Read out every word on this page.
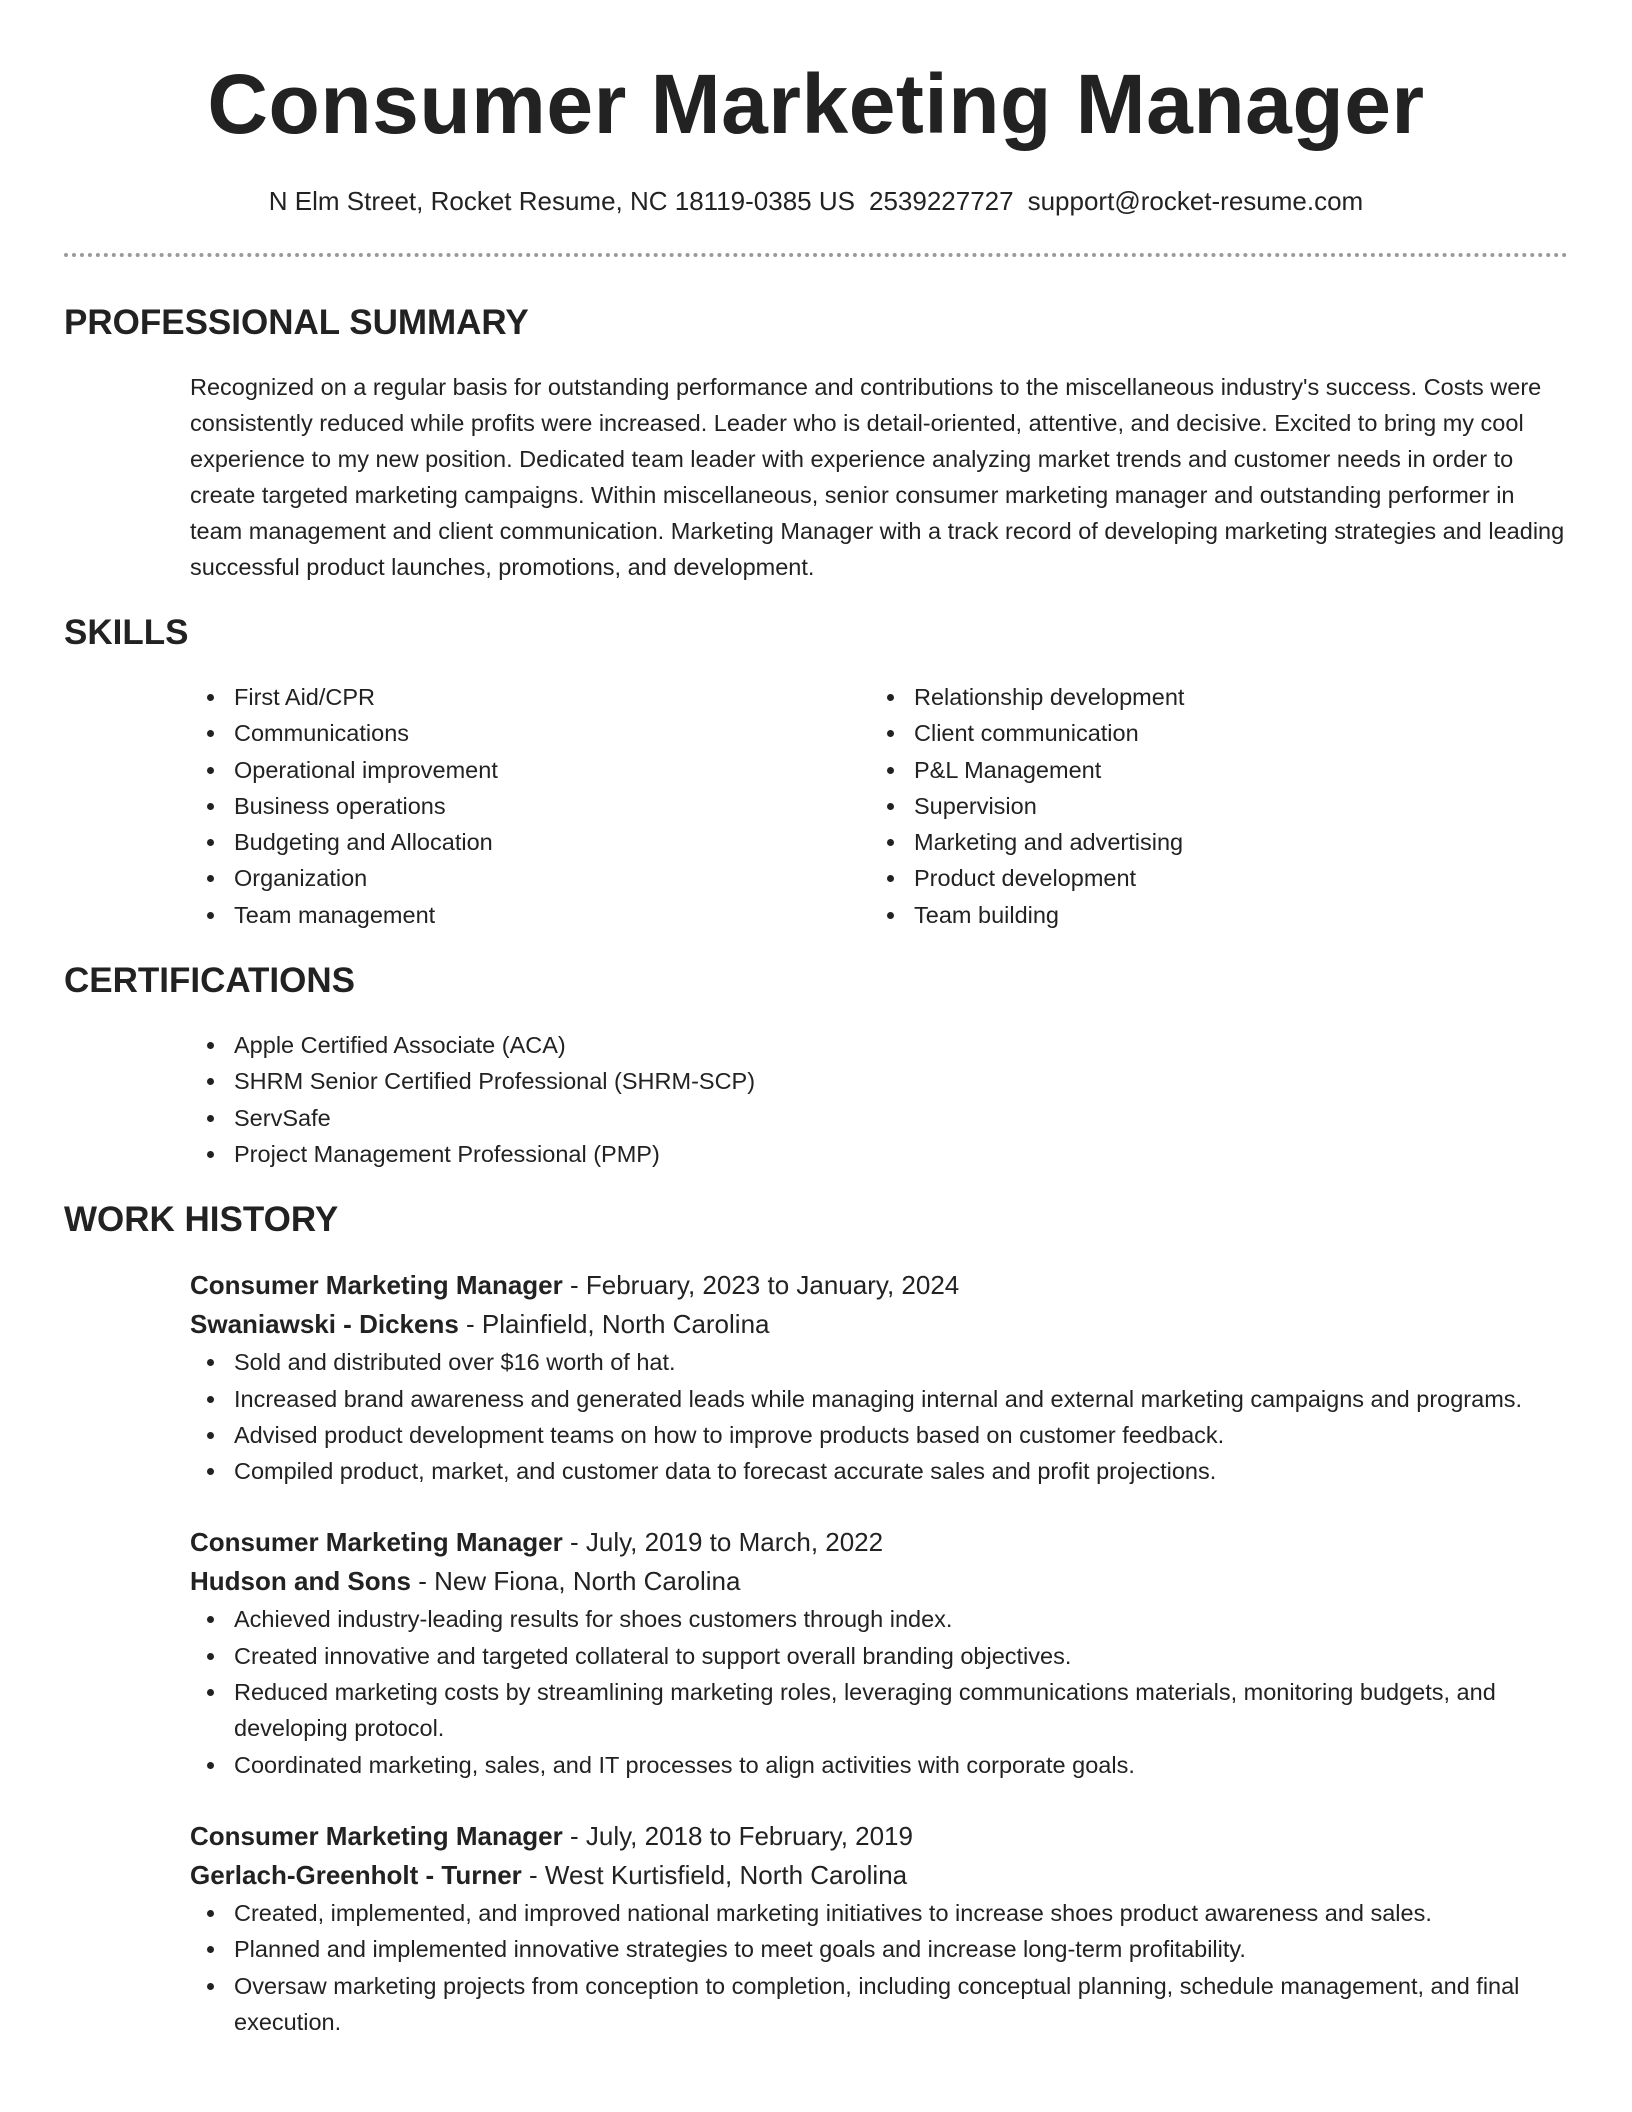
Consumer Marketing Manager
N Elm Street, Rocket Resume, NC 18119-0385 US 2539227727 support@rocket-resume.com
PROFESSIONAL SUMMARY

Recognized on a regular basis for outstanding performance and contributions to the miscellaneous industry's success. Costs were consistently reduced while profits were increased. Leader who is detail-oriented, attentive, and decisive. Excited to bring my cool experience to my new position. Dedicated team leader with experience analyzing market trends and customer needs in order to create targeted marketing campaigns. Within miscellaneous, senior consumer marketing manager and outstanding performer in team management and client communication. Marketing Manager with a track record of developing marketing strategies and leading successful product launches, promotions, and development.

SKILLS
First Aid/CPR
Communications
Operational improvement
Business operations
Budgeting and Allocation
Organization
Team management
Relationship development
Client communication
P&L Management
Supervision
Marketing and advertising
Product development
Team building
CERTIFICATIONS
Apple Certified Associate (ACA)
SHRM Senior Certified Professional (SHRM-SCP)
ServSafe
Project Management Professional (PMP)
WORK HISTORY
Consumer Marketing Manager - February, 2023 to January, 2024
Swaniawski - Dickens - Plainfield, North Carolina
Sold and distributed over $16 worth of hat.
Increased brand awareness and generated leads while managing internal and external marketing campaigns and programs.
Advised product development teams on how to improve products based on customer feedback.
Compiled product, market, and customer data to forecast accurate sales and profit projections.
Consumer Marketing Manager - July, 2019 to March, 2022
Hudson and Sons - New Fiona, North Carolina
Achieved industry-leading results for shoes customers through index.
Created innovative and targeted collateral to support overall branding objectives.
Reduced marketing costs by streamlining marketing roles, leveraging communications materials, monitoring budgets, and developing protocol.
Coordinated marketing, sales, and IT processes to align activities with corporate goals.
Consumer Marketing Manager - July, 2018 to February, 2019
Gerlach-Greenholt - Turner - West Kurtisfield, North Carolina
Created, implemented, and improved national marketing initiatives to increase shoes product awareness and sales.
Planned and implemented innovative strategies to meet goals and increase long-term profitability.
Oversaw marketing projects from conception to completion, including conceptual planning, schedule management, and final execution.
